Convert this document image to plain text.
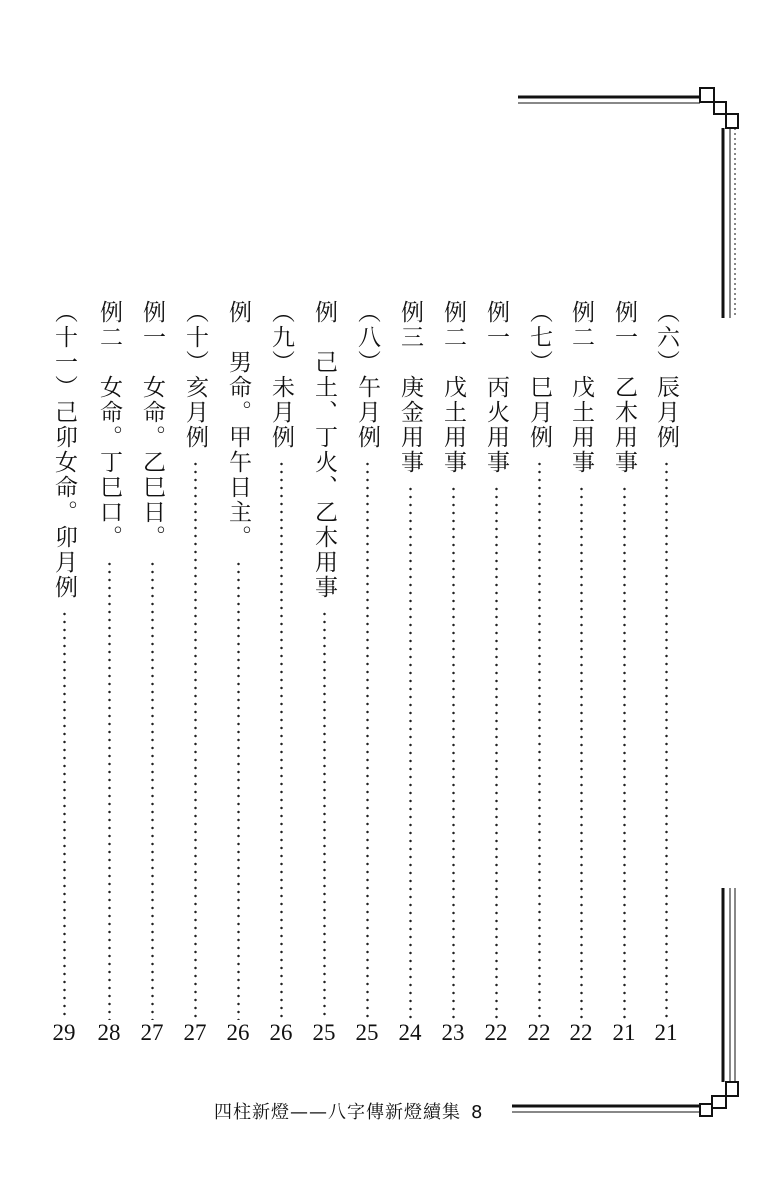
（六）辰月例
例一　乙木用事
例二　戊土用事
（七）巳月例
例一　丙火用事
例二　戊土用事
例三　庚金用事
（八）午月例
例　己土、丁火、乙木用事
（九）未月例
例　男命。甲午日主。
（十）亥月例
例一　女命。乙巳日。
例二　女命。丁巳口。
（十一）己卯女命。卯月例
21
21
22
22
22
23
24
25
25
26
26
27
27
28
29
四柱新燈——八字傳新燈續集 8
